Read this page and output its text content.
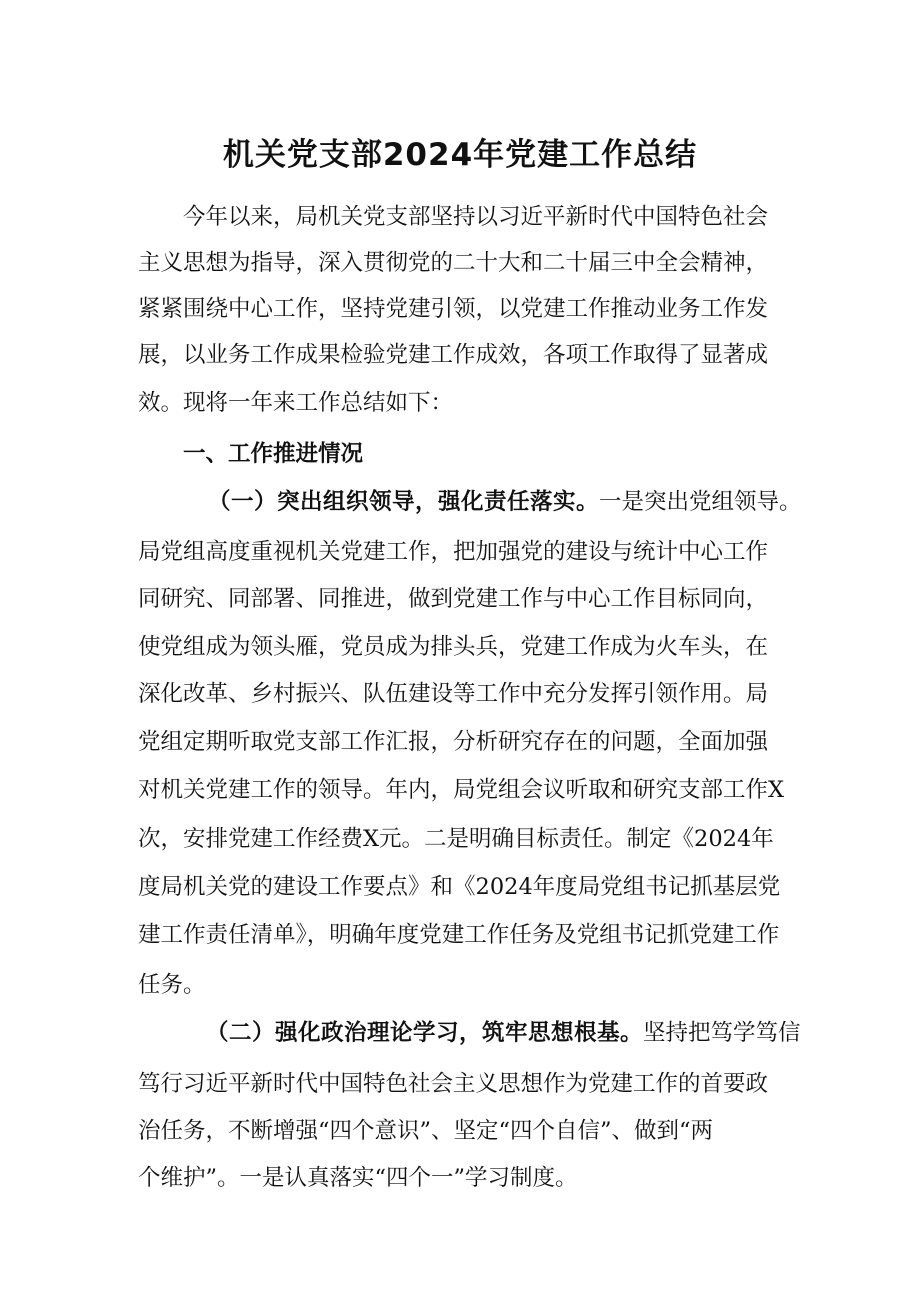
机关党支部2024年党建工作总结
今年以来，局机关党支部坚持以习近平新时代中国特色社会
主义思想为指导，深入贯彻党的二十大和二十届三中全会精神，
紧紧围绕中心工作，坚持党建引领，以党建工作推动业务工作发
展，以业务工作成果检验党建工作成效，各项工作取得了显著成
效。现将一年来工作总结如下：
一、工作推进情况
（一）突出组织领导，强化责任落实。一是突出党组领导。
局党组高度重视机关党建工作，把加强党的建设与统计中心工作
同研究、同部署、同推进，做到党建工作与中心工作目标同向，
使党组成为领头雁，党员成为排头兵，党建工作成为火车头，在
深化改革、乡村振兴、队伍建设等工作中充分发挥引领作用。局
党组定期听取党支部工作汇报，分析研究存在的问题，全面加强
对机关党建工作的领导。年内，局党组会议听取和研究支部工作X
次，安排党建工作经费X元。二是明确目标责任。制定《2024年
度局机关党的建设工作要点》和《2024年度局党组书记抓基层党
建工作责任清单》，明确年度党建工作任务及党组书记抓党建工作
任务。
（二）强化政治理论学习，筑牢思想根基。坚持把笃学笃信
笃行习近平新时代中国特色社会主义思想作为党建工作的首要政
治任务，不断增强“四个意识”、坚定“四个自信”、做到“两
个维护”。一是认真落实“四个一”学习制度。
